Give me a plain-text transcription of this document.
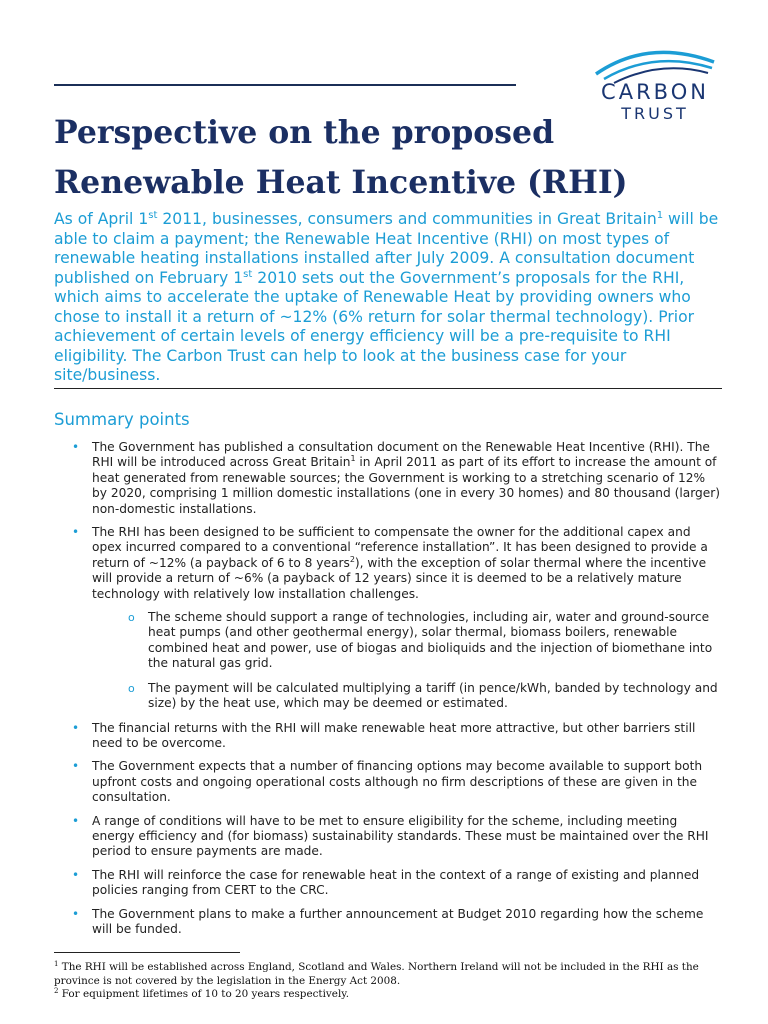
CARBON
TRUST
Perspective on the proposed Renewable Heat Incentive (RHI)

As of April 1st 2011, businesses, consumers and communities in Great Britain$^1$ will be able to claim a payment; the Renewable Heat Incentive (RHI) on most types of renewable heating installations installed after July 2009. A consultation document published on February 1st 2010 sets out the Government’s proposals for the RHI, which aims to accelerate the uptake of Renewable Heat by providing owners who chose to install it a return of ~12% (6% return for solar thermal technology). Prior achievement of certain levels of energy efficiency will be a pre-requisite to RHI eligibility. The Carbon Trust can help to look at the business case for your site/business.

Summary points
• The Government has published a consultation document on the Renewable Heat Incentive (RHI). The RHI will be introduced across Great Britain$^1$ in April 2011 as part of its effort to increase the amount of heat generated from renewable sources; the Government is working to a stretching scenario of 12% by 2020, comprising 1 million domestic installations (one in every 30 homes) and 80 thousand (larger) non-domestic installations.
• The RHI has been designed to be sufficient to compensate the owner for the additional capex and opex incurred compared to a conventional “reference installation”. It has been designed to provide a return of ~12% (a payback of 6 to 8 years$^2$), with the exception of solar thermal where the incentive will provide a return of ~6% (a payback of 12 years) since it is deemed to be a relatively mature technology with relatively low installation challenges.
o The scheme should support a range of technologies, including air, water and ground-source heat pumps (and other geothermal energy), solar thermal, biomass boilers, renewable combined heat and power, use of biogas and bioliquids and the injection of biomethane into the natural gas grid.
o The payment will be calculated multiplying a tariff (in pence/kWh, banded by technology and size) by the heat use, which may be deemed or estimated.
• The financial returns with the RHI will make renewable heat more attractive, but other barriers still need to be overcome.
• The Government expects that a number of financing options may become available to support both upfront costs and ongoing operational costs although no firm descriptions of these are given in the consultation.
• A range of conditions will have to be met to ensure eligibility for the scheme, including meeting energy efficiency and (for biomass) sustainability standards. These must be maintained over the RHI period to ensure payments are made.
• The RHI will reinforce the case for renewable heat in the context of a range of existing and planned policies ranging from CERT to the CRC.
• The Government plans to make a further announcement at Budget 2010 regarding how the scheme will be funded.

$^1$ The RHI will be established across England, Scotland and Wales. Northern Ireland will not be included in the RHI as the province is not covered by the legislation in the Energy Act 2008.

$^2$ For equipment lifetimes of 10 to 20 years respectively.
